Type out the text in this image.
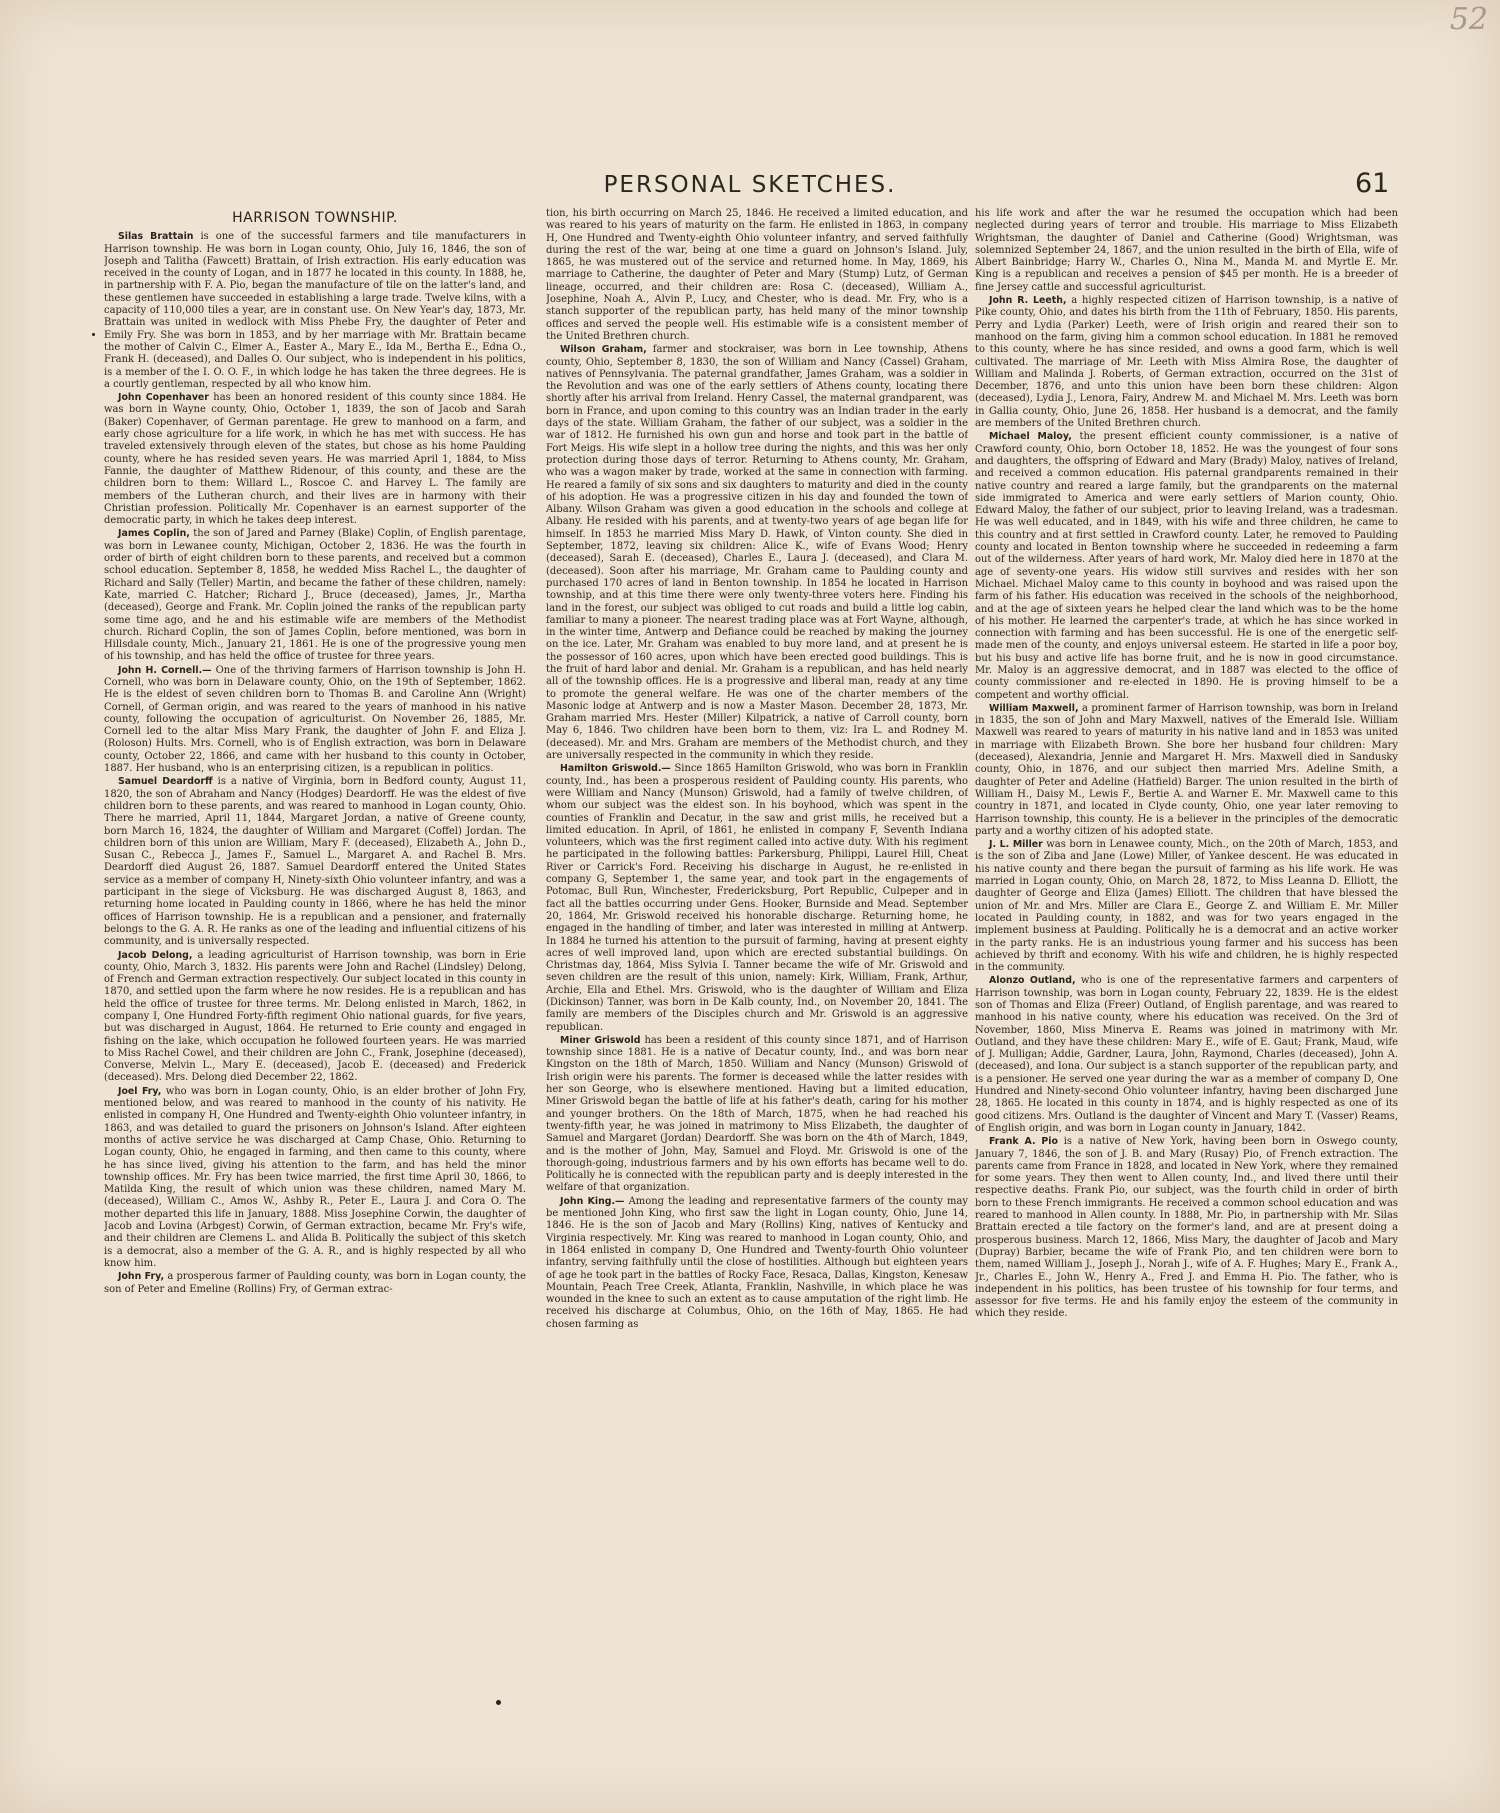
52
PERSONAL SKETCHES.	61
HARRISON TOWNSHIP.

Silas Brattain is one of the successful farmers and tile manufacturers in Harrison township. He was born in Logan county, Ohio, July 16, 1846, the son of Joseph and Talitha (Fawcett) Brattain, of Irish extraction. His early education was received in the county of Logan, and in 1877 he located in this county. In 1888, he, in partnership with F. A. Pio, began the manufacture of tile on the latter's land, and these gentlemen have succeeded in establishing a large trade. Twelve kilns, with a capacity of 110,000 tiles a year, are in constant use. On New Year's day, 1873, Mr. Brattain was united in wedlock with Miss Phebe Fry, the daughter of Peter and Emily Fry. She was born in 1853, and by her marriage with Mr. Brattain became the mother of Calvin C., Elmer A., Easter A., Mary E., Ida M., Bertha E., Edna O., Frank H. (deceased), and Dalles O. Our subject, who is independent in his politics, is a member of the I. O. O. F., in which lodge he has taken the three degrees. He is a courtly gentleman, respected by all who know him.

John Copenhaver has been an honored resident of this county since 1884. He was born in Wayne county, Ohio, October 1, 1839, the son of Jacob and Sarah (Baker) Copenhaver, of German parentage. He grew to manhood on a farm, and early chose agriculture for a life work, in which he has met with success. He has traveled extensively through eleven of the states, but chose as his home Paulding county, where he has resided seven years. He was married April 1, 1884, to Miss Fannie, the daughter of Matthew Ridenour, of this county, and these are the children born to them: Willard L., Roscoe C. and Harvey L. The family are members of the Lutheran church, and their lives are in harmony with their Christian profession. Politically Mr. Copenhaver is an earnest supporter of the democratic party, in which he takes deep interest.

James Coplin, the son of Jared and Parney (Blake) Coplin, of English parentage, was born in Lewanee county, Michigan, October 2, 1836. He was the fourth in order of birth of eight children born to these parents, and received but a common school education. September 8, 1858, he wedded Miss Rachel L., the daughter of Richard and Sally (Teller) Martin, and became the father of these children, namely: Kate, married C. Hatcher; Richard J., Bruce (deceased), James, Jr., Martha (deceased), George and Frank. Mr. Coplin joined the ranks of the republican party some time ago, and he and his estimable wife are members of the Methodist church. Richard Coplin, the son of James Coplin, before mentioned, was born in Hillsdale county, Mich., January 21, 1861. He is one of the progressive young men of his township, and has held the office of trustee for three years.

John H. Cornell.— One of the thriving farmers of Harrison township is John H. Cornell, who was born in Delaware county, Ohio, on the 19th of September, 1862. He is the eldest of seven children born to Thomas B. and Caroline Ann (Wright) Cornell, of German origin, and was reared to the years of manhood in his native county, following the occupation of agriculturist. On November 26, 1885, Mr. Cornell led to the altar Miss Mary Frank, the daughter of John F. and Eliza J. (Roloson) Hults. Mrs. Cornell, who is of English extraction, was born in Delaware county, October 22, 1866, and came with her husband to this county in October, 1887. Her husband, who is an enterprising citizen, is a republican in politics.

Samuel Deardorff is a native of Virginia, born in Bedford county, August 11, 1820, the son of Abraham and Nancy (Hodges) Deardorff. He was the eldest of five children born to these parents, and was reared to manhood in Logan county, Ohio. There he married, April 11, 1844, Margaret Jordan, a native of Greene county, born March 16, 1824, the daughter of William and Margaret (Coffel) Jordan. The children born of this union are William, Mary F. (deceased), Elizabeth A., John D., Susan C., Rebecca J., James F., Samuel L., Margaret A. and Rachel B. Mrs. Deardorff died August 26, 1887. Samuel Deardorff entered the United States service as a member of company H, Ninety-sixth Ohio volunteer infantry, and was a participant in the siege of Vicksburg. He was discharged August 8, 1863, and returning home located in Paulding county in 1866, where he has held the minor offices of Harrison township. He is a republican and a pensioner, and fraternally belongs to the G. A. R. He ranks as one of the leading and influential citizens of his community, and is universally respected.

Jacob Delong, a leading agriculturist of Harrison township, was born in Erie county, Ohio, March 3, 1832. His parents were John and Rachel (Lindsley) Delong, of French and German extraction respectively. Our subject located in this county in 1870, and settled upon the farm where he now resides. He is a republican and has held the office of trustee for three terms. Mr. Delong enlisted in March, 1862, in company I, One Hundred Forty-fifth regiment Ohio national guards, for five years, but was discharged in August, 1864. He returned to Erie county and engaged in fishing on the lake, which occupation he followed fourteen years. He was married to Miss Rachel Cowel, and their children are John C., Frank, Josephine (deceased), Converse, Melvin L., Mary E. (deceased), Jacob E. (deceased) and Frederick (deceased). Mrs. Delong died December 22, 1862.

Joel Fry, who was born in Logan county, Ohio, is an elder brother of John Fry, mentioned below, and was reared to manhood in the county of his nativity. He enlisted in company H, One Hundred and Twenty-eighth Ohio volunteer infantry, in 1863, and was detailed to guard the prisoners on Johnson's Island. After eighteen months of active service he was discharged at Camp Chase, Ohio. Returning to Logan county, Ohio, he engaged in farming, and then came to this county, where he has since lived, giving his attention to the farm, and has held the minor township offices. Mr. Fry has been twice married, the first time April 30, 1866, to Matilda King, the result of which union was these children, named Mary M. (deceased), William C., Amos W., Ashby R., Peter E., Laura J. and Cora O. The mother departed this life in January, 1888. Miss Josephine Corwin, the daughter of Jacob and Lovina (Arbgest) Corwin, of German extraction, became Mr. Fry's wife, and their children are Clemens L. and Alida B. Politically the subject of this sketch is a democrat, also a member of the G. A. R., and is highly respected by all who know him.

John Fry, a prosperous farmer of Paulding county, was born in Logan county, the son of Peter and Emeline (Rollins) Fry, of German extrac-

tion, his birth occurring on March 25, 1846. He received a limited education, and was reared to his years of maturity on the farm. He enlisted in 1863, in company H, One Hundred and Twenty-eighth Ohio volunteer infantry, and served faithfully during the rest of the war, being at one time a guard on Johnson's Island. July, 1865, he was mustered out of the service and returned home. In May, 1869, his marriage to Catherine, the daughter of Peter and Mary (Stump) Lutz, of German lineage, occurred, and their children are: Rosa C. (deceased), William A., Josephine, Noah A., Alvin P., Lucy, and Chester, who is dead. Mr. Fry, who is a stanch supporter of the republican party, has held many of the minor township offices and served the people well. His estimable wife is a consistent member of the United Brethren church.

Wilson Graham, farmer and stockraiser, was born in Lee township, Athens county, Ohio, September 8, 1830, the son of William and Nancy (Cassel) Graham, natives of Pennsylvania. The paternal grandfather, James Graham, was a soldier in the Revolution and was one of the early settlers of Athens county, locating there shortly after his arrival from Ireland. Henry Cassel, the maternal grandparent, was born in France, and upon coming to this country was an Indian trader in the early days of the state. William Graham, the father of our subject, was a soldier in the war of 1812. He furnished his own gun and horse and took part in the battle of Fort Meigs. His wife slept in a hollow tree during the nights, and this was her only protection during those days of terror. Returning to Athens county, Mr. Graham, who was a wagon maker by trade, worked at the same in connection with farming. He reared a family of six sons and six daughters to maturity and died in the county of his adoption. He was a progressive citizen in his day and founded the town of Albany. Wilson Graham was given a good education in the schools and college at Albany. He resided with his parents, and at twenty-two years of age began life for himself. In 1853 he married Miss Mary D. Hawk, of Vinton county. She died in September, 1872, leaving six children: Alice K., wife of Evans Wood; Henry (deceased), Sarah E. (deceased), Charles E., Laura J. (deceased), and Clara M. (deceased). Soon after his marriage, Mr. Graham came to Paulding county and purchased 170 acres of land in Benton township. In 1854 he located in Harrison township, and at this time there were only twenty-three voters here. Finding his land in the forest, our subject was obliged to cut roads and build a little log cabin, familiar to many a pioneer. The nearest trading place was at Fort Wayne, although, in the winter time, Antwerp and Defiance could be reached by making the journey on the ice. Later, Mr. Graham was enabled to buy more land, and at present he is the possessor of 160 acres, upon which have been erected good buildings. This is the fruit of hard labor and denial. Mr. Graham is a republican, and has held nearly all of the township offices. He is a progressive and liberal man, ready at any time to promote the general welfare. He was one of the charter members of the Masonic lodge at Antwerp and is now a Master Mason. December 28, 1873, Mr. Graham married Mrs. Hester (Miller) Kilpatrick, a native of Carroll county, born May 6, 1846. Two children have been born to them, viz: Ira L. and Rodney M. (deceased). Mr. and Mrs. Graham are members of the Methodist church, and they are universally respected in the community in which they reside.

Hamilton Griswold.— Since 1865 Hamilton Griswold, who was born in Franklin county, Ind., has been a prosperous resident of Paulding county. His parents, who were William and Nancy (Munson) Griswold, had a family of twelve children, of whom our subject was the eldest son. In his boyhood, which was spent in the counties of Franklin and Decatur, in the saw and grist mills, he received but a limited education. In April, of 1861, he enlisted in company F, Seventh Indiana volunteers, which was the first regiment called into active duty. With his regiment he participated in the following battles: Parkersburg, Philippi, Laurel Hill, Cheat River or Carrick's Ford. Receiving his discharge in August, he re-enlisted in company G, September 1, the same year, and took part in the engagements of Potomac, Bull Run, Winchester, Fredericksburg, Port Republic, Culpeper and in fact all the battles occurring under Gens. Hooker, Burnside and Mead. September 20, 1864, Mr. Griswold received his honorable discharge. Returning home, he engaged in the handling of timber, and later was interested in milling at Antwerp. In 1884 he turned his attention to the pursuit of farming, having at present eighty acres of well improved land, upon which are erected substantial buildings. On Christmas day, 1864, Miss Sylvia I. Tanner became the wife of Mr. Griswold and seven children are the result of this union, namely: Kirk, William, Frank, Arthur, Archie, Ella and Ethel. Mrs. Griswold, who is the daughter of William and Eliza (Dickinson) Tanner, was born in De Kalb county, Ind., on November 20, 1841. The family are members of the Disciples church and Mr. Griswold is an aggressive republican.

Miner Griswold has been a resident of this county since 1871, and of Harrison township since 1881. He is a native of Decatur county, Ind., and was born near Kingston on the 18th of March, 1850. William and Nancy (Munson) Griswold of Irish origin were his parents. The former is deceased while the latter resides with her son George, who is elsewhere mentioned. Having but a limited education, Miner Griswold began the battle of life at his father's death, caring for his mother and younger brothers. On the 18th of March, 1875, when he had reached his twenty-fifth year, he was joined in matrimony to Miss Elizabeth, the daughter of Samuel and Margaret (Jordan) Deardorff. She was born on the 4th of March, 1849, and is the mother of John, May, Samuel and Floyd. Mr. Griswold is one of the thorough-going, industrious farmers and by his own efforts has became well to do. Politically he is connected with the republican party and is deeply interested in the welfare of that organization.

John King.— Among the leading and representative farmers of the county may be mentioned John King, who first saw the light in Logan county, Ohio, June 14, 1846. He is the son of Jacob and Mary (Rollins) King, natives of Kentucky and Virginia respectively. Mr. King was reared to manhood in Logan county, Ohio, and in 1864 enlisted in company D, One Hundred and Twenty-fourth Ohio volunteer infantry, serving faithfully until the close of hostilities. Although but eighteen years of age he took part in the battles of Rocky Face, Resaca, Dallas, Kingston, Kenesaw Mountain, Peach Tree Creek, Atlanta, Franklin, Nashville, in which place he was wounded in the knee to such an extent as to cause amputation of the right limb. He received his discharge at Columbus, Ohio, on the 16th of May, 1865. He had chosen farming as

his life work and after the war he resumed the occupation which had been neglected during years of terror and trouble. His marriage to Miss Elizabeth Wrightsman, the daughter of Daniel and Catherine (Good) Wrightsman, was solemnized September 24, 1867, and the union resulted in the birth of Ella, wife of Albert Bainbridge; Harry W., Charles O., Nina M., Manda M. and Myrtle E. Mr. King is a republican and receives a pension of $45 per month. He is a breeder of fine Jersey cattle and successful agriculturist.

John R. Leeth, a highly respected citizen of Harrison township, is a native of Pike county, Ohio, and dates his birth from the 11th of February, 1850. His parents, Perry and Lydia (Parker) Leeth, were of Irish origin and reared their son to manhood on the farm, giving him a common school education. In 1881 he removed to this county, where he has since resided, and owns a good farm, which is well cultivated. The marriage of Mr. Leeth with Miss Almira Rose, the daughter of William and Malinda J. Roberts, of German extraction, occurred on the 31st of December, 1876, and unto this union have been born these children: Algon (deceased), Lydia J., Lenora, Fairy, Andrew M. and Michael M. Mrs. Leeth was born in Gallia county, Ohio, June 26, 1858. Her husband is a democrat, and the family are members of the United Brethren church.

Michael Maloy, the present efficient county commissioner, is a native of Crawford county, Ohio, born October 18, 1852. He was the youngest of four sons and daughters, the offspring of Edward and Mary (Brady) Maloy, natives of Ireland, and received a common education. His paternal grandparents remained in their native country and reared a large family, but the grandparents on the maternal side immigrated to America and were early settlers of Marion county, Ohio. Edward Maloy, the father of our subject, prior to leaving Ireland, was a tradesman. He was well educated, and in 1849, with his wife and three children, he came to this country and at first settled in Crawford county. Later, he removed to Paulding county and located in Benton township where he succeeded in redeeming a farm out of the wilderness. After years of hard work, Mr. Maloy died here in 1870 at the age of seventy-one years. His widow still survives and resides with her son Michael. Michael Maloy came to this county in boyhood and was raised upon the farm of his father. His education was received in the schools of the neighborhood, and at the age of sixteen years he helped clear the land which was to be the home of his mother. He learned the carpenter's trade, at which he has since worked in connection with farming and has been successful. He is one of the energetic self-made men of the county, and enjoys universal esteem. He started in life a poor boy, but his busy and active life has borne fruit, and he is now in good circumstance. Mr. Maloy is an aggressive democrat, and in 1887 was elected to the office of county commissioner and re-elected in 1890. He is proving himself to be a competent and worthy official.

William Maxwell, a prominent farmer of Harrison township, was born in Ireland in 1835, the son of John and Mary Maxwell, natives of the Emerald Isle. William Maxwell was reared to years of maturity in his native land and in 1853 was united in marriage with Elizabeth Brown. She bore her husband four children: Mary (deceased), Alexandria, Jennie and Margaret H. Mrs. Maxwell died in Sandusky county, Ohio, in 1876, and our subject then married Mrs. Adeline Smith, a daughter of Peter and Adeline (Hatfield) Barger. The union resulted in the birth of William H., Daisy M., Lewis F., Bertie A. and Warner E. Mr. Maxwell came to this country in 1871, and located in Clyde county, Ohio, one year later removing to Harrison township, this county. He is a believer in the principles of the democratic party and a worthy citizen of his adopted state.

J. L. Miller was born in Lenawee county, Mich., on the 20th of March, 1853, and is the son of Ziba and Jane (Lowe) Miller, of Yankee descent. He was educated in his native county and there began the pursuit of farming as his life work. He was married in Logan county, Ohio, on March 28, 1872, to Miss Leanna D. Elliott, the daughter of George and Eliza (James) Elliott. The children that have blessed the union of Mr. and Mrs. Miller are Clara E., George Z. and William E. Mr. Miller located in Paulding county, in 1882, and was for two years engaged in the implement business at Paulding. Politically he is a democrat and an active worker in the party ranks. He is an industrious young farmer and his success has been achieved by thrift and economy. With his wife and children, he is highly respected in the community.

Alonzo Outland, who is one of the representative farmers and carpenters of Harrison township, was born in Logan county, February 22, 1839. He is the eldest son of Thomas and Eliza (Freer) Outland, of English parentage, and was reared to manhood in his native county, where his education was received. On the 3rd of November, 1860, Miss Minerva E. Reams was joined in matrimony with Mr. Outland, and they have these children: Mary E., wife of E. Gaut; Frank, Maud, wife of J. Mulligan; Addie, Gardner, Laura, John, Raymond, Charles (deceased), John A. (deceased), and Iona. Our subject is a stanch supporter of the republican party, and is a pensioner. He served one year during the war as a member of company D, One Hundred and Ninety-second Ohio volunteer infantry, having been discharged June 28, 1865. He located in this county in 1874, and is highly respected as one of its good citizens. Mrs. Outland is the daughter of Vincent and Mary T. (Vasser) Reams, of English origin, and was born in Logan county in January, 1842.

Frank A. Pio is a native of New York, having been born in Oswego county, January 7, 1846, the son of J. B. and Mary (Rusay) Pio, of French extraction. The parents came from France in 1828, and located in New York, where they remained for some years. They then went to Allen county, Ind., and lived there until their respective deaths. Frank Pio, our subject, was the fourth child in order of birth born to these French immigrants. He received a common school education and was reared to manhood in Allen county. In 1888, Mr. Pio, in partnership with Mr. Silas Brattain erected a tile factory on the former's land, and are at present doing a prosperous business. March 12, 1866, Miss Mary, the daughter of Jacob and Mary (Dupray) Barbier, became the wife of Frank Pio, and ten children were born to them, named William J., Joseph J., Norah J., wife of A. F. Hughes; Mary E., Frank A., Jr., Charles E., John W., Henry A., Fred J. and Emma H. Pio. The father, who is independent in his politics, has been trustee of his township for four terms, and assessor for five terms. He and his family enjoy the esteem of the community in which they reside.
